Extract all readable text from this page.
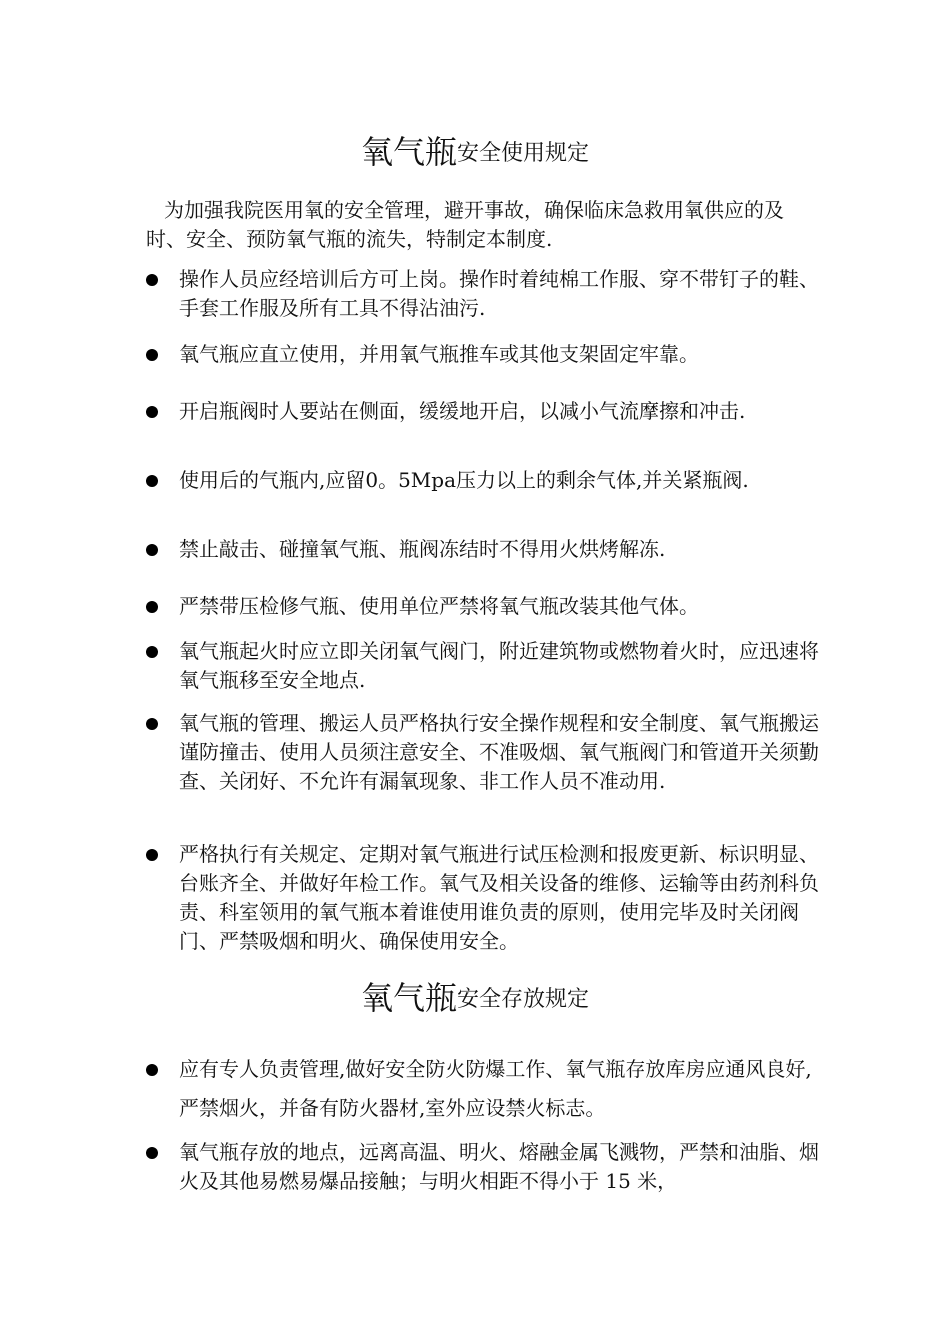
氧气瓶安全使用规定
为加强我院医用氧的安全管理，避开事故，确保临床急救用氧供应的及时、安全、预防氧气瓶的流失，特制定本制度.
操作人员应经培训后方可上岗。操作时着纯棉工作服、穿不带钉子的鞋、手套工作服及所有工具不得沾油污.
氧气瓶应直立使用，并用氧气瓶推车或其他支架固定牢靠。
开启瓶阀时人要站在侧面，缓缓地开启，以减小气流摩擦和冲击.
使用后的气瓶内,应留0。5Mpa压力以上的剩余气体,并关紧瓶阀.
禁止敲击、碰撞氧气瓶、瓶阀冻结时不得用火烘烤解冻.
严禁带压检修气瓶、使用单位严禁将氧气瓶改装其他气体。
氧气瓶起火时应立即关闭氧气阀门，附近建筑物或燃物着火时，应迅速将氧气瓶移至安全地点.
氧气瓶的管理、搬运人员严格执行安全操作规程和安全制度、氧气瓶搬运谨防撞击、使用人员须注意安全、不准吸烟、氧气瓶阀门和管道开关须勤查、关闭好、不允许有漏氧现象、非工作人员不准动用.
严格执行有关规定、定期对氧气瓶进行试压检测和报废更新、标识明显、台账齐全、并做好年检工作。氧气及相关设备的维修、运输等由药剂科负责、科室领用的氧气瓶本着谁使用谁负责的原则，使用完毕及时关闭阀门、严禁吸烟和明火、确保使用安全。
氧气瓶安全存放规定
应有专人负责管理,做好安全防火防爆工作、氧气瓶存放库房应通风良好,严禁烟火，并备有防火器材,室外应设禁火标志。
氧气瓶存放的地点，远离高温、明火、熔融金属飞溅物，严禁和油脂、烟火及其他易燃易爆品接触；与明火相距不得小于 15 米，
